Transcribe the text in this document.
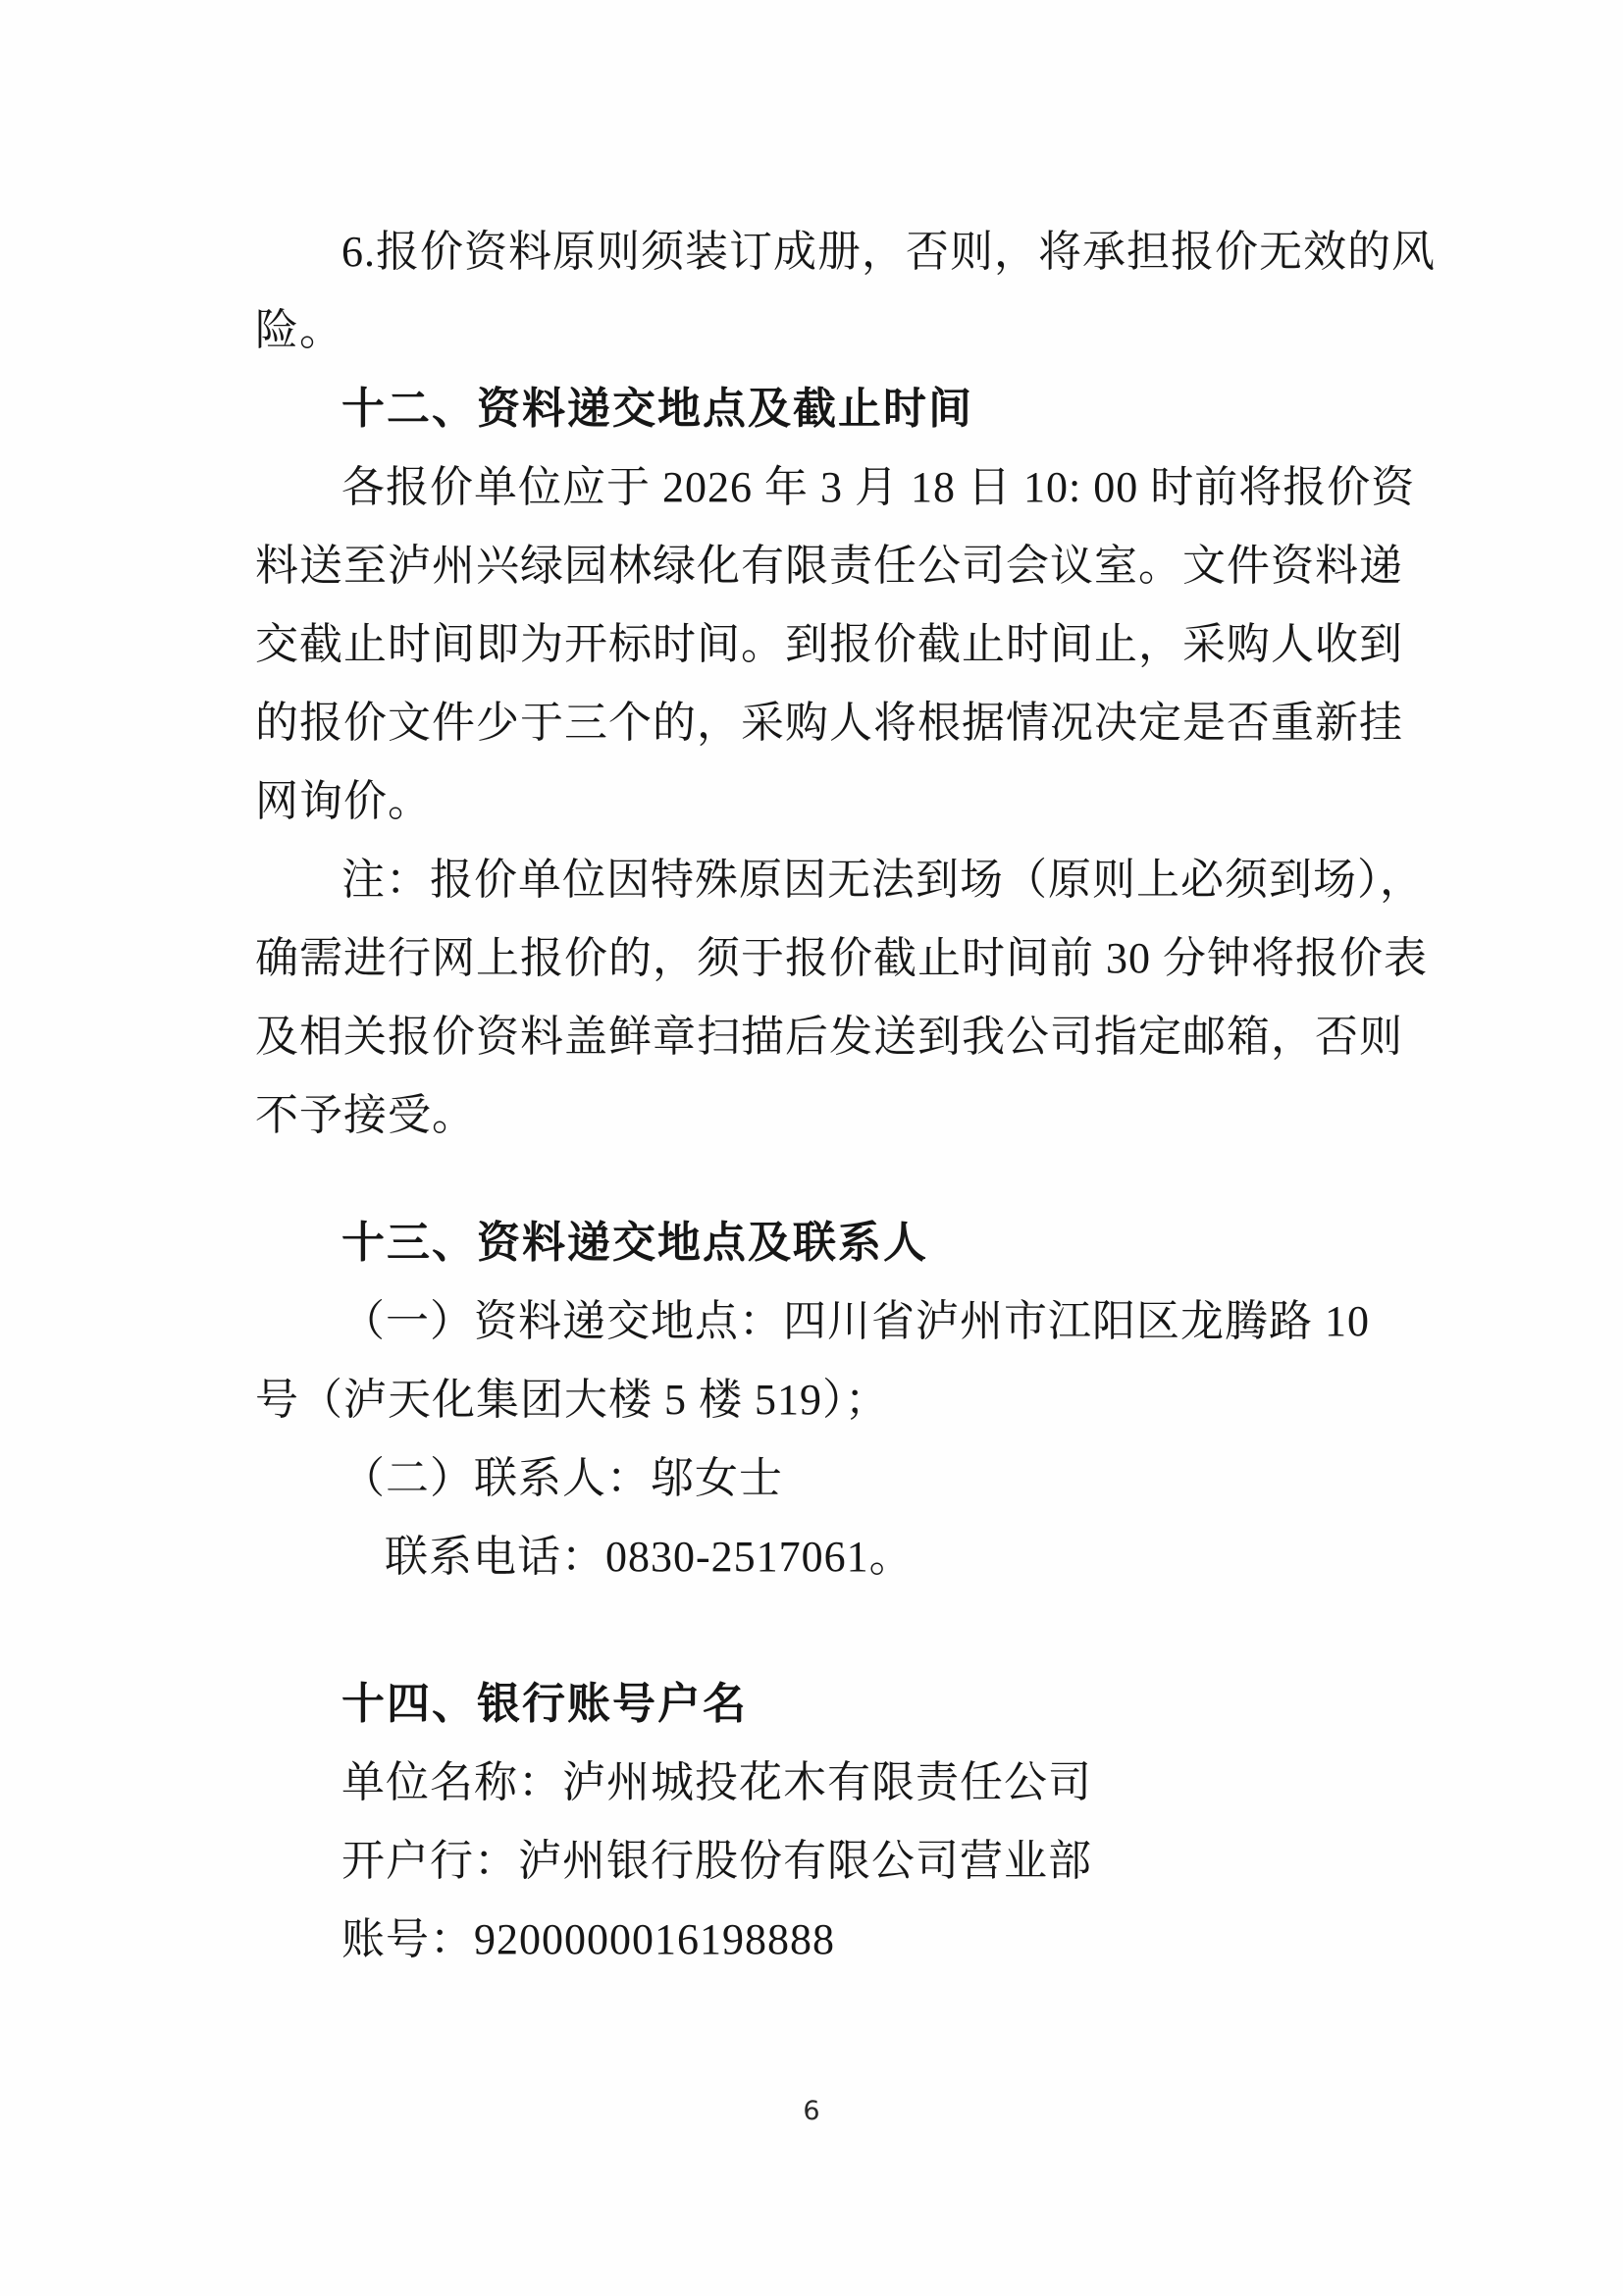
6.报价资料原则须装订成册，否则，将承担报价无效的风
险。
十二、资料递交地点及截止时间
各报价单位应于 2026 年 3 月 18 日 10: 00 时前将报价资
料送至泸州兴绿园林绿化有限责任公司会议室。文件资料递
交截止时间即为开标时间。到报价截止时间止，采购人收到
的报价文件少于三个的，采购人将根据情况决定是否重新挂
网询价。
注：报价单位因特殊原因无法到场（原则上必须到场），
确需进行网上报价的，须于报价截止时间前 30 分钟将报价表
及相关报价资料盖鲜章扫描后发送到我公司指定邮箱，否则
不予接受。
十三、资料递交地点及联系人
（一）资料递交地点：四川省泸州市江阳区龙腾路 10
号（泸天化集团大楼 5 楼 519）；
（二）联系人：邬女士
联系电话：0830-2517061。
十四、银行账号户名
单位名称：泸州城投花木有限责任公司
开户行：泸州银行股份有限公司营业部
账号：9200000016198888
6
